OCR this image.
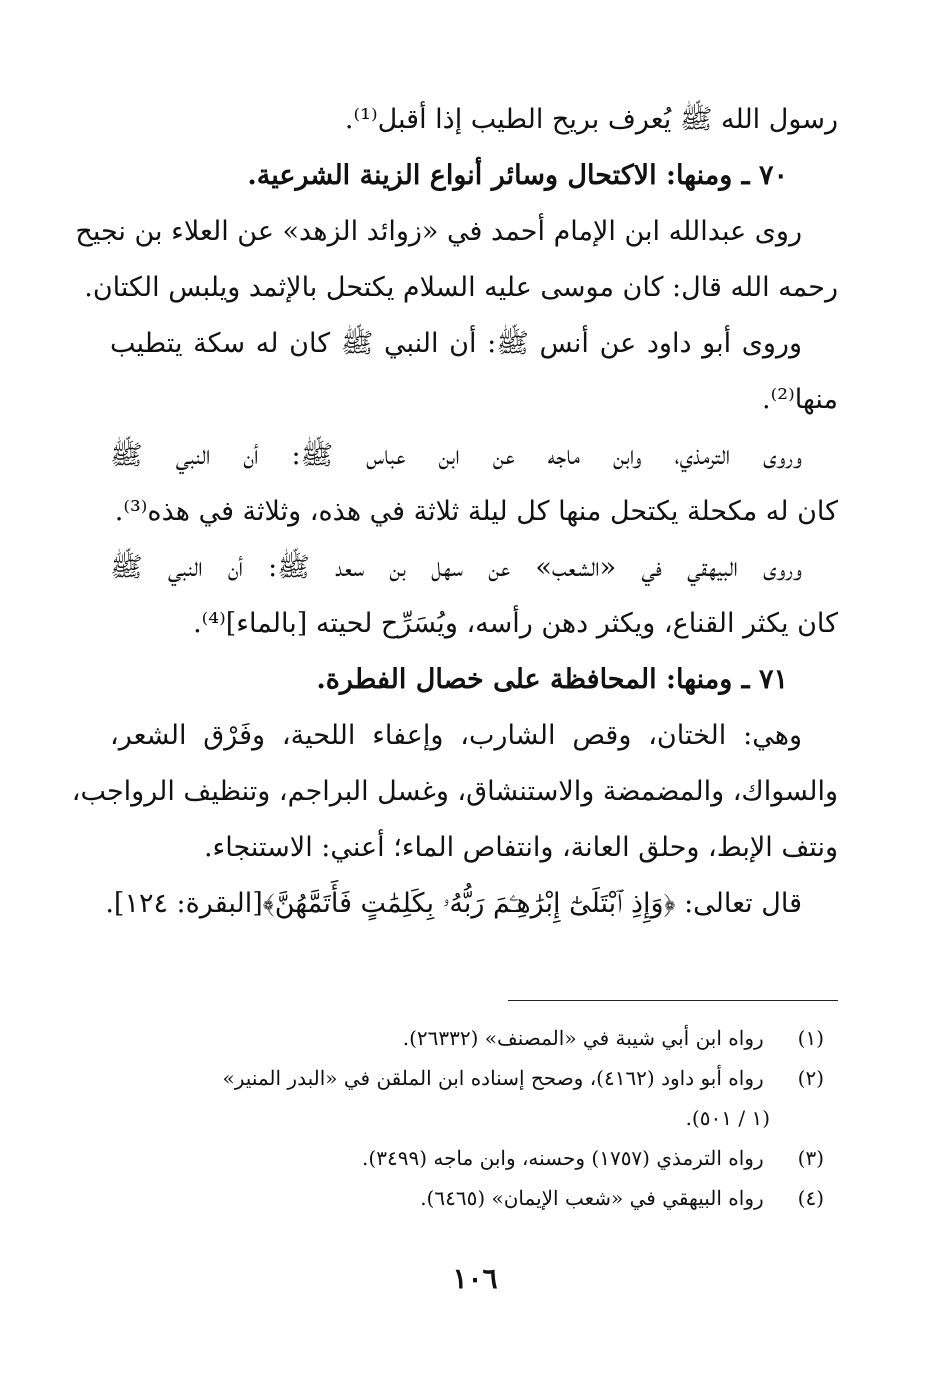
رسول الله ﷺ يُعرف بريح الطيب إذا أقبل⁽¹⁾.
٧٠ ـ ومنها: الاكتحال وسائر أنواع الزينة الشرعية.
روى عبدالله ابن الإمام أحمد في «زوائد الزهد» عن العلاء بن نجيح
رحمه الله قال: كان موسى عليه السلام يكتحل بالإثمد ويلبس الكتان.
وروى أبو داود عن أنس ﷺ: أن النبي ﷺ كان له سكة يتطيب
منها⁽²⁾.
وروى الترمذي، وابن ماجه عن ابن عباس ﷺ: أن النبي ﷺ
كان له مكحلة يكتحل منها كل ليلة ثلاثة في هذه، وثلاثة في هذه⁽³⁾.
وروى البيهقي في «الشعب» عن سهل بن سعد ﷺ: أن النبي ﷺ
كان يكثر القناع، ويكثر دهن رأسه، ويُسَرِّح لحيته [بالماء]⁽⁴⁾.
٧١ ـ ومنها: المحافظة على خصال الفطرة.
وهي: الختان، وقص الشارب، وإعفاء اللحية، وفَرْق الشعر،
والسواك، والمضمضة والاستنشاق، وغسل البراجم، وتنظيف الرواجب،
ونتف الإبط، وحلق العانة، وانتفاص الماء؛ أعني: الاستنجاء.
قال تعالى: ﴿وَإِذِ ٱبْتَلَىٰٓ إِبْرَٰهِـۧمَ رَبُّهُۥ بِكَلِمَٰتٍ فَأَتَمَّهُنَّ﴾[البقرة: ١٢٤].
(١) رواه ابن أبي شيبة في «المصنف» (٢٦٣٣٢).
(٢) رواه أبو داود (٤١٦٢)، وصحح إسناده ابن الملقن في «البدر المنير»
(١ / ٥٠١).
(٣) رواه الترمذي (١٧٥٧) وحسنه، وابن ماجه (٣٤٩٩).
(٤) رواه البيهقي في «شعب الإيمان» (٦٤٦٥).
١٠٦
